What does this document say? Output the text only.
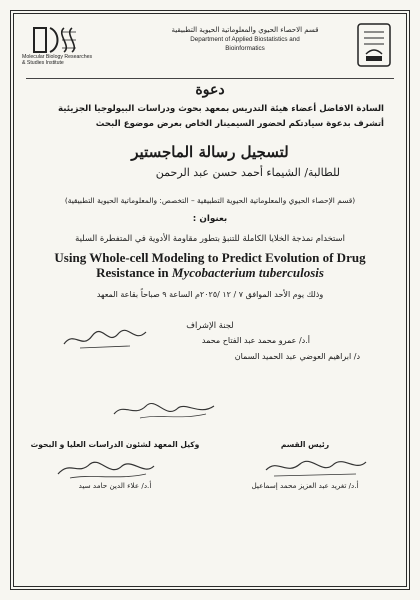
Molecular Biology Researches
& Studies Institute
قسم الاحصاء الحيوي والمعلوماتية الحيوية التطبيقية
Department of Applied Biostatistics and
Bioinformatics
دعوة
السادة الافاضل أعضاء هيئة التدريس بمعهد بحوث ودراسات البيولوجيا الجزيئية
أتشرف بدعوة سيادتكم لحضور السيمينار الخاص بعرض موضوع البحث
لتسجيل رسالة الماجستير
للطالبة/ الشيماء أحمد حسن عبد الرحمن
(قسم الإحصاء الحيوي والمعلوماتية الحيوية التطبيقية – التخصص: والمعلوماتية الحيوية التطبيقية)
بعنوان :
استخدام نمذجة الخلايا الكاملة للتنبؤ بتطور مقاومة الأدوية في المتفطرة السلية
Using Whole-cell Modeling to Predict Evolution of Drug Resistance in Mycobacterium tuberculosis
وذلك يوم الأحد الموافق ٧ / ١٢ /٢٠٢٥م الساعة ٩ صباحاً بقاعة المعهد
لجنة الإشراف
أ.د/ عمرو محمد عبد الفتاح محمد
د/ ابراهيم العوضي عبد الحميد السمان
رئيس القسم
أ.د/ تغريد عبد العزيز محمد إسماعيل
وكيل المعهد لشئون الدراسات العليا و البحوث
أ.د/ علاء الدين حامد سيد
